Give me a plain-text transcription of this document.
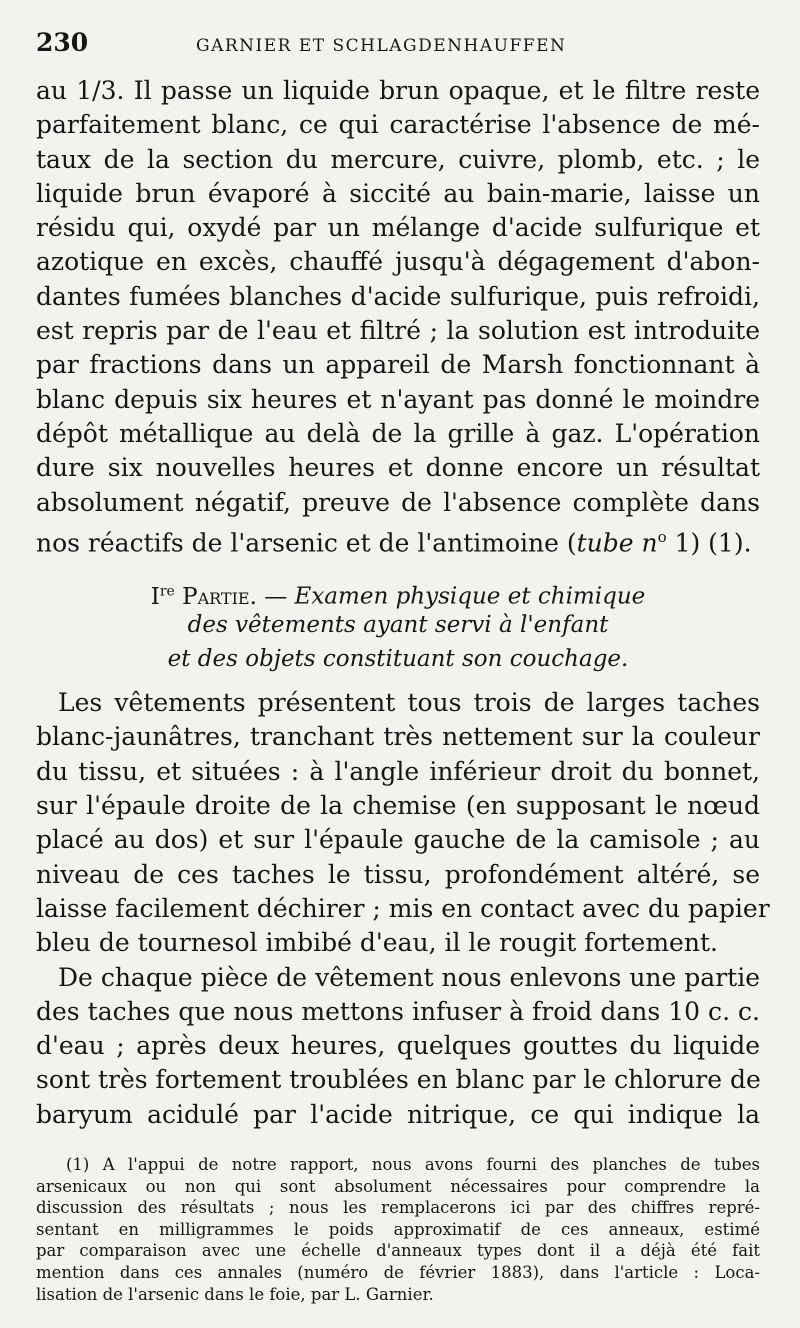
230	GARNIER ET SCHLAGDENHAUFFEN
au 1/3. Il passe un liquide brun opaque, et le filtre reste
parfaitement blanc, ce qui caractérise l'absence de mé-
taux de la section du mercure, cuivre, plomb, etc. ; le
liquide brun évaporé à siccité au bain-marie, laisse un
résidu qui, oxydé par un mélange d'acide sulfurique et
azotique en excès, chauffé jusqu'à dégagement d'abon-
dantes fumées blanches d'acide sulfurique, puis refroidi,
est repris par de l'eau et filtré ; la solution est introduite
par fractions dans un appareil de Marsh fonctionnant à
blanc depuis six heures et n'ayant pas donné le moindre
dépôt métallique au delà de la grille à gaz. L'opération
dure six nouvelles heures et donne encore un résultat
absolument négatif, preuve de l'absence complète dans
nos réactifs de l'arsenic et de l'antimoine (tube $n^o$ 1) (1).
Ire Partie. — Examen physique et chimique
des vêtements ayant servi à l'enfant
et des objets constituant son couchage.
Les vêtements présentent tous trois de larges taches
blanc-jaunâtres, tranchant très nettement sur la couleur
du tissu, et situées : à l'angle inférieur droit du bonnet,
sur l'épaule droite de la chemise (en supposant le nœud
placé au dos) et sur l'épaule gauche de la camisole ; au
niveau de ces taches le tissu, profondément altéré, se
laisse facilement déchirer ; mis en contact avec du papier
bleu de tournesol imbibé d'eau, il le rougit fortement.
De chaque pièce de vêtement nous enlevons une partie
des taches que nous mettons infuser à froid dans 10 c. c.
d'eau ; après deux heures, quelques gouttes du liquide
sont très fortement troublées en blanc par le chlorure de
baryum acidulé par l'acide nitrique, ce qui indique la
(1) A l'appui de notre rapport, nous avons fourni des planches de tubes
arsenicaux ou non qui sont absolument nécessaires pour comprendre la
discussion des résultats ; nous les remplacerons ici par des chiffres repré-
sentant en milligrammes le poids approximatif de ces anneaux, estimé
par comparaison avec une échelle d'anneaux types dont il a déjà été fait
mention dans ces annales (numéro de février 1883), dans l'article : Loca-
lisation de l'arsenic dans le foie, par L. Garnier.
